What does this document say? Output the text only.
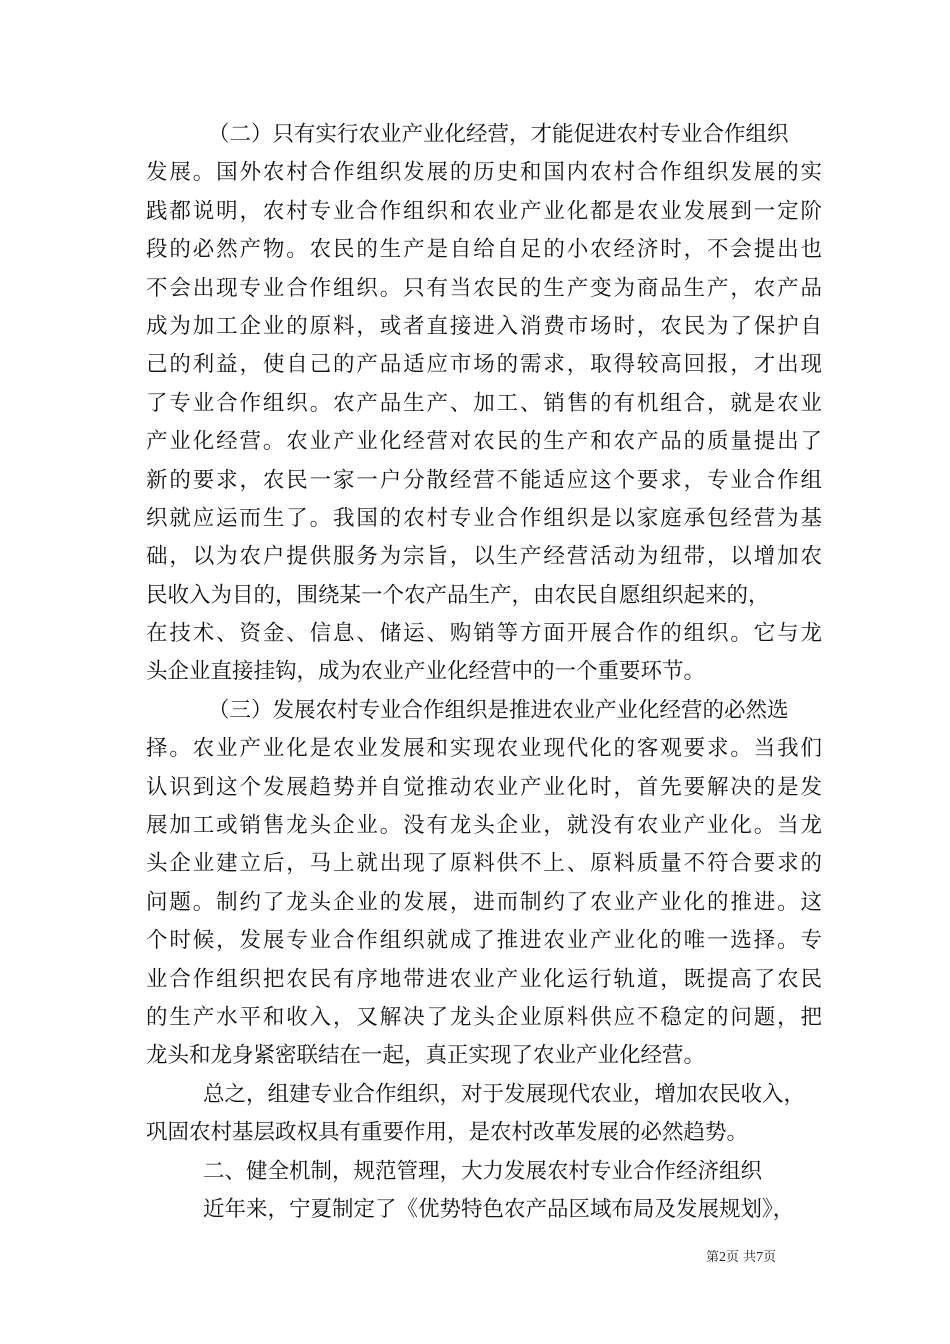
（二）只有实行农业产业化经营，才能促进农村专业合作组织
发展。国外农村合作组织发展的历史和国内农村合作组织发展的实
践都说明，农村专业合作组织和农业产业化都是农业发展到一定阶
段的必然产物。农民的生产是自给自足的小农经济时，不会提出也
不会出现专业合作组织。只有当农民的生产变为商品生产，农产品
成为加工企业的原料，或者直接进入消费市场时，农民为了保护自
己的利益，使自己的产品适应市场的需求，取得较高回报，才出现
了专业合作组织。农产品生产、加工、销售的有机组合，就是农业
产业化经营。农业产业化经营对农民的生产和农产品的质量提出了
新的要求，农民一家一户分散经营不能适应这个要求，专业合作组
织就应运而生了。我国的农村专业合作组织是以家庭承包经营为基
础，以为农户提供服务为宗旨，以生产经营活动为纽带，以增加农
民收入为目的，围绕某一个农产品生产，由农民自愿组织起来的，
在技术、资金、信息、储运、购销等方面开展合作的组织。它与龙
头企业直接挂钩，成为农业产业化经营中的一个重要环节。
（三）发展农村专业合作组织是推进农业产业化经营的必然选
择。农业产业化是农业发展和实现农业现代化的客观要求。当我们
认识到这个发展趋势并自觉推动农业产业化时，首先要解决的是发
展加工或销售龙头企业。没有龙头企业，就没有农业产业化。当龙
头企业建立后，马上就出现了原料供不上、原料质量不符合要求的
问题。制约了龙头企业的发展，进而制约了农业产业化的推进。这
个时候，发展专业合作组织就成了推进农业产业化的唯一选择。专
业合作组织把农民有序地带进农业产业化运行轨道，既提高了农民
的生产水平和收入，又解决了龙头企业原料供应不稳定的问题，把
龙头和龙身紧密联结在一起，真正实现了农业产业化经营。
总之，组建专业合作组织，对于发展现代农业，增加农民收入，
巩固农村基层政权具有重要作用，是农村改革发展的必然趋势。
二、健全机制，规范管理，大力发展农村专业合作经济组织
近年来，宁夏制定了《优势特色农产品区域布局及发展规划》，
第2页 共7页
